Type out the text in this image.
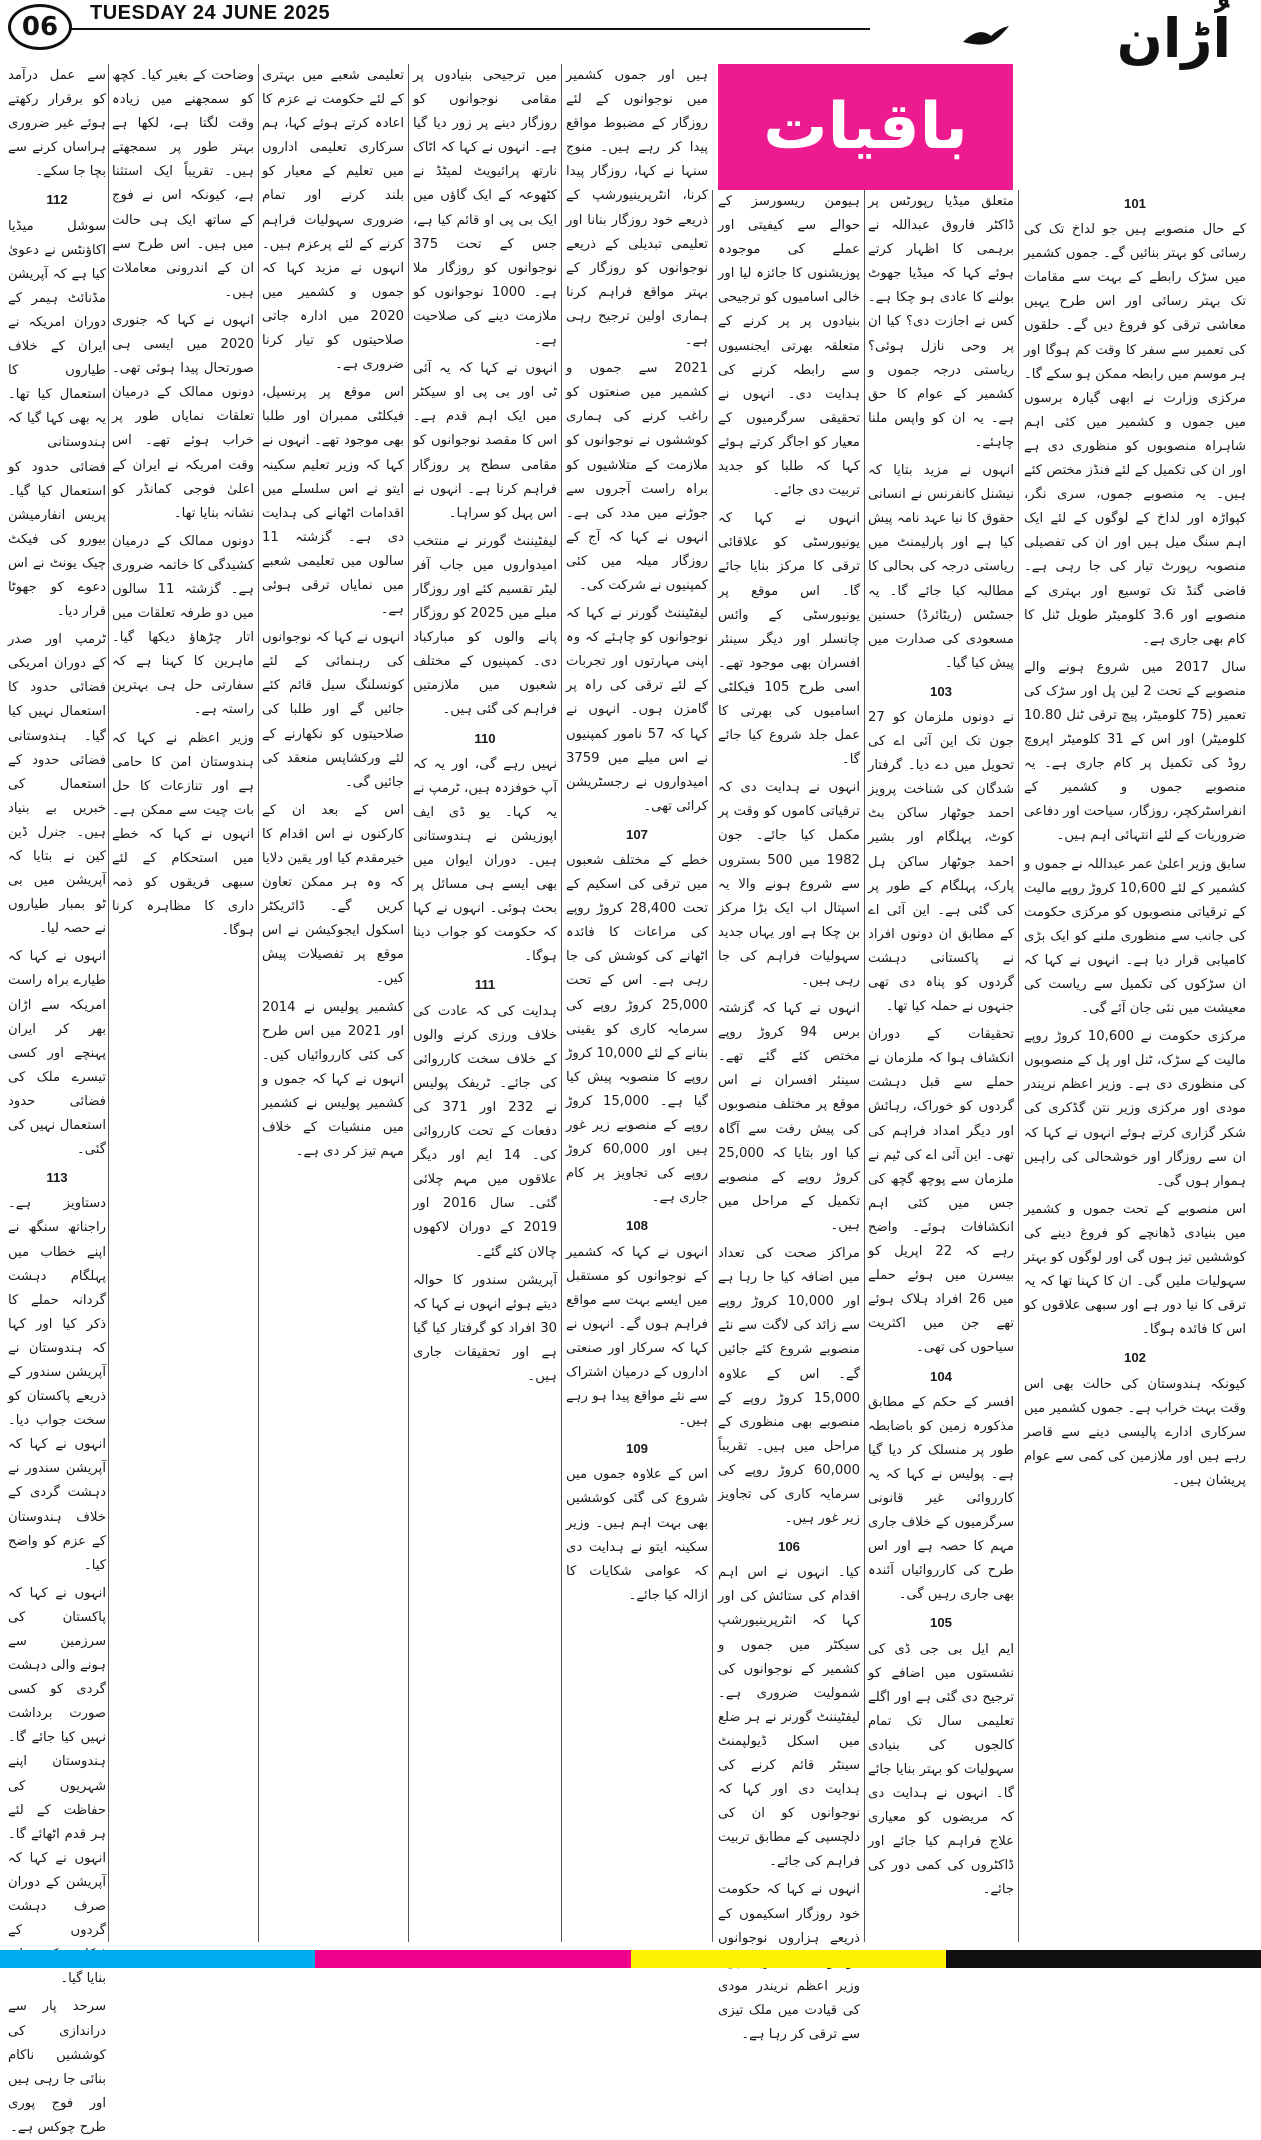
06	TUESDAY 24 JUNE 2025	اُڑان
باقیات
101

کے حال منصوبے ہیں جو لداخ تک کی رسائی کو بہتر بنائیں گے۔ جموں کشمیر میں سڑک رابطے کے بہت سے مقامات تک بہتر رسائی اور اس طرح یہیں معاشی ترقی کو فروغ دیں گے۔ حلقوں کی تعمیر سے سفر کا وقت کم ہوگا اور ہر موسم میں رابطہ ممکن ہو سکے گا۔ مرکزی وزارت نے ابھی گیارہ برسوں میں جموں و کشمیر میں کئی اہم شاہراہ منصوبوں کو منظوری دی ہے اور ان کی تکمیل کے لئے فنڈز مختص کئے ہیں۔ یہ منصوبے جموں، سری نگر، کپواڑہ اور لداخ کے لوگوں کے لئے ایک اہم سنگ میل ہیں اور ان کی تفصیلی منصوبہ رپورٹ تیار کی جا رہی ہے۔ قاضی گنڈ تک توسیع اور بہتری کے منصوبے اور 3.6 کلومیٹر طویل ٹنل کا کام بھی جاری ہے۔

سال 2017 میں شروع ہونے والے منصوبے کے تحت 2 لین پل اور سڑک کی تعمیر (75 کلومیٹر، پیچ ترقی ٹنل 10.80 کلومیٹر) اور اس کے 31 کلومیٹر اپروچ روڈ کی تکمیل پر کام جاری ہے۔ یہ منصوبے جموں و کشمیر کے انفراسٹرکچر، روزگار، سیاحت اور دفاعی ضروریات کے لئے انتہائی اہم ہیں۔

سابق وزیر اعلیٰ عمر عبداللہ نے جموں و کشمیر کے لئے 10,600 کروڑ روپے مالیت کے ترقیاتی منصوبوں کو مرکزی حکومت کی جانب سے منظوری ملنے کو ایک بڑی کامیابی قرار دیا ہے۔ انہوں نے کہا کہ ان سڑکوں کی تکمیل سے ریاست کی معیشت میں نئی جان آئے گی۔

مرکزی حکومت نے 10,600 کروڑ روپے مالیت کے سڑک، ٹنل اور پل کے منصوبوں کی منظوری دی ہے۔ وزیر اعظم نریندر مودی اور مرکزی وزیر نتن گڈکری کی شکر گزاری کرتے ہوئے انہوں نے کہا کہ ان سے روزگار اور خوشحالی کی راہیں ہموار ہوں گی۔

اس منصوبے کے تحت جموں و کشمیر میں بنیادی ڈھانچے کو فروغ دینے کی کوششیں تیز ہوں گی اور لوگوں کو بہتر سہولیات ملیں گی۔ ان کا کہنا تھا کہ یہ ترقی کا نیا دور ہے اور سبھی علاقوں کو اس کا فائدہ ہوگا۔

102

کیونکہ ہندوستان کی حالت بھی اس وقت بہت خراب ہے۔ جموں کشمیر میں سرکاری ادارے پالیسی دینے سے قاصر رہے ہیں اور ملازمین کی کمی سے عوام پریشان ہیں۔

متعلق میڈیا رپورٹس پر ڈاکٹر فاروق عبداللہ نے برہمی کا اظہار کرتے ہوئے کہا کہ میڈیا جھوٹ بولنے کا عادی ہو چکا ہے۔ کس نے اجازت دی؟ کیا ان پر وحی نازل ہوئی؟ ریاستی درجہ جموں و کشمیر کے عوام کا حق ہے۔ یہ ان کو واپس ملنا چاہئے۔

انہوں نے مزید بتایا کہ نیشنل کانفرنس نے انسانی حقوق کا نیا عہد نامہ پیش کیا ہے اور پارلیمنٹ میں ریاستی درجہ کی بحالی کا مطالبہ کیا جائے گا۔ یہ جسٹس (ریٹائرڈ) حسنین مسعودی کی صدارت میں پیش کیا گیا۔

103

نے دونوں ملزمان کو 27 جون تک این آئی اے کی تحویل میں دے دیا۔ گرفتار شدگان کی شناخت پرویز احمد جوٹھار ساکن بٹ کوٹ، پہلگام اور بشیر احمد جوٹھار ساکن ہل پارک، پہلگام کے طور پر کی گئی ہے۔ این آئی اے کے مطابق ان دونوں افراد نے پاکستانی دہشت گردوں کو پناہ دی تھی جنہوں نے حملہ کیا تھا۔

تحقیقات کے دوران انکشاف ہوا کہ ملزمان نے حملے سے قبل دہشت گردوں کو خوراک، رہائش اور دیگر امداد فراہم کی تھی۔ این آئی اے کی ٹیم نے ملزمان سے پوچھ گچھ کی جس میں کئی اہم انکشافات ہوئے۔ واضح رہے کہ 22 اپریل کو بیسرن میں ہوئے حملے میں 26 افراد ہلاک ہوئے تھے جن میں اکثریت سیاحوں کی تھی۔

104

افسر کے حکم کے مطابق مذکورہ زمین کو باضابطہ طور پر منسلک کر دیا گیا ہے۔ پولیس نے کہا کہ یہ کارروائی غیر قانونی سرگرمیوں کے خلاف جاری مہم کا حصہ ہے اور اس طرح کی کارروائیاں آئندہ بھی جاری رہیں گی۔

105

ایم ایل بی جی ڈی کی نشستوں میں اضافے کو ترجیح دی گئی ہے اور اگلے تعلیمی سال تک تمام کالجوں کی بنیادی سہولیات کو بہتر بنایا جائے گا۔ انہوں نے ہدایت دی کہ مریضوں کو معیاری علاج فراہم کیا جائے اور ڈاکٹروں کی کمی دور کی جائے۔

ہیومن ریسورسز کے حوالے سے کیفیتی اور عملے کی موجودہ پوزیشنوں کا جائزہ لیا اور خالی اسامیوں کو ترجیحی بنیادوں پر پر کرنے کے متعلقہ بھرتی ایجنسیوں سے رابطہ کرنے کی ہدایت دی۔ انہوں نے تحقیقی سرگرمیوں کے معیار کو اجاگر کرتے ہوئے کہا کہ طلبا کو جدید تربیت دی جائے۔

انہوں نے کہا کہ یونیورسٹی کو علاقائی ترقی کا مرکز بنایا جائے گا۔ اس موقع پر یونیورسٹی کے وائس چانسلر اور دیگر سینئر افسران بھی موجود تھے۔ اسی طرح 105 فیکلٹی اسامیوں کی بھرتی کا عمل جلد شروع کیا جائے گا۔

انہوں نے ہدایت دی کہ ترقیاتی کاموں کو وقت پر مکمل کیا جائے۔ جون 1982 میں 500 بستروں سے شروع ہونے والا یہ اسپتال اب ایک بڑا مرکز بن چکا ہے اور یہاں جدید سہولیات فراہم کی جا رہی ہیں۔

انہوں نے کہا کہ گزشتہ برس 94 کروڑ روپے مختص کئے گئے تھے۔ سینئر افسران نے اس موقع پر مختلف منصوبوں کی پیش رفت سے آگاہ کیا اور بتایا کہ 25,000 کروڑ روپے کے منصوبے تکمیل کے مراحل میں ہیں۔

مراکز صحت کی تعداد میں اضافہ کیا جا رہا ہے اور 10,000 کروڑ روپے سے زائد کی لاگت سے نئے منصوبے شروع کئے جائیں گے۔ اس کے علاوہ 15,000 کروڑ روپے کے منصوبے بھی منظوری کے مراحل میں ہیں۔ تقریباً 60,000 کروڑ روپے کی سرمایہ کاری کی تجاویز زیر غور ہیں۔

106

کیا۔ انہوں نے اس اہم اقدام کی ستائش کی اور کہا کہ انٹرپرینیورشپ سیکٹر میں جموں و کشمیر کے نوجوانوں کی شمولیت ضروری ہے۔ لیفٹیننٹ گورنر نے ہر ضلع میں اسکل ڈیولپمنٹ سینٹر قائم کرنے کی ہدایت دی اور کہا کہ نوجوانوں کو ان کی دلچسپی کے مطابق تربیت فراہم کی جائے۔

انہوں نے کہا کہ حکومت خود روزگار اسکیموں کے ذریعے ہزاروں نوجوانوں وزیر اعظم نریندر مودی کی قیادت میں ملک تیزی سے ترقی کر رہا ہے۔

ہیں اور جموں کشمیر میں نوجوانوں کے لئے روزگار کے مضبوط مواقع پیدا کر رہے ہیں۔ منوج سنہا نے کہا، روزگار پیدا کرنا، انٹرپرینیورشپ کے ذریعے خود روزگار بنانا اور تعلیمی تبدیلی کے ذریعے نوجوانوں کو روزگار کے بہتر مواقع فراہم کرنا ہماری اولین ترجیح رہی ہے۔

2021 سے جموں و کشمیر میں صنعتوں کو راغب کرنے کی ہماری کوششوں نے نوجوانوں کو ملازمت کے متلاشیوں کو براہ راست آجروں سے جوڑنے میں مدد کی ہے۔ انہوں نے کہا کہ آج کے روزگار میلہ میں کئی کمپنیوں نے شرکت کی۔

لیفٹیننٹ گورنر نے کہا کہ نوجوانوں کو چاہئے کہ وہ اپنی مہارتوں اور تجربات کے لئے ترقی کی راہ پر گامزن ہوں۔ انہوں نے کہا کہ 57 نامور کمپنیوں نے اس میلے میں 3759 امیدواروں نے رجسٹریشن کرائی تھی۔

107

خطے کے مختلف شعبوں میں ترقی کی اسکیم کے تحت 28,400 کروڑ روپے کی مراعات کا فائدہ اٹھانے کی کوشش کی جا رہی ہے۔ اس کے تحت 25,000 کروڑ روپے کی سرمایہ کاری کو یقینی بنانے کے لئے 10,000 کروڑ روپے کا منصوبہ پیش کیا گیا ہے۔ 15,000 کروڑ روپے کے منصوبے زیر غور ہیں اور 60,000 کروڑ روپے کی تجاویز پر کام جاری ہے۔

108

انہوں نے کہا کہ کشمیر کے نوجوانوں کو مستقبل میں ایسے بہت سے مواقع فراہم ہوں گے۔ انہوں نے کہا کہ سرکار اور صنعتی اداروں کے درمیان اشتراک سے نئے مواقع پیدا ہو رہے ہیں۔

109

اس کے علاوہ جموں میں شروع کی گئی کوششیں بھی بہت اہم ہیں۔ وزیر سکینہ ایتو نے ہدایت دی کہ عوامی شکایات کا ازالہ کیا جائے۔

میں ترجیحی بنیادوں پر مقامی نوجوانوں کو روزگار دینے پر زور دیا گیا ہے۔ انہوں نے کہا کہ اٹاک نارتھ پرائیویٹ لمیٹڈ نے کٹھوعہ کے ایک گاؤں میں ایک بی پی او قائم کیا ہے، جس کے تحت 375 نوجوانوں کو روزگار ملا ہے۔ 1000 نوجوانوں کو ملازمت دینے کی صلاحیت ہے۔

انہوں نے کہا کہ یہ آئی ٹی اور بی پی او سیکٹر میں ایک اہم قدم ہے۔ اس کا مقصد نوجوانوں کو مقامی سطح پر روزگار فراہم کرنا ہے۔ انہوں نے اس پہل کو سراہا۔

لیفٹیننٹ گورنر نے منتخب امیدواروں میں جاب آفر لیٹر تقسیم کئے اور روزگار میلے میں 2025 کو روزگار پانے والوں کو مبارکباد دی۔ کمپنیوں کے مختلف شعبوں میں ملازمتیں فراہم کی گئی ہیں۔

110

نہیں رہے گی، اور یہ کہ آپ خوفزدہ ہیں، ٹرمپ نے یہ کہا۔ یو ڈی ایف اپوزیشن نے ہندوستانی ہیں۔ دوران ایوان میں بھی ایسے ہی مسائل پر بحث ہوئی۔ انہوں نے کہا کہ حکومت کو جواب دینا ہوگا۔

111

ہدایت کی کہ عادت کی خلاف ورزی کرنے والوں کے خلاف سخت کارروائی کی جائے۔ ٹریفک پولیس نے 232 اور 371 کی دفعات کے تحت کارروائی کی۔ 14 ایم اور دیگر علاقوں میں مہم چلائی گئی۔ سال 2016 اور 2019 کے دوران لاکھوں چالان کئے گئے۔

آپریشن سندور کا حوالہ دیتے ہوئے انہوں نے کہا کہ 30 افراد کو گرفتار کیا گیا ہے اور تحقیقات جاری ہیں۔

تعلیمی شعبے میں بہتری کے لئے حکومت نے عزم کا اعادہ کرتے ہوئے کہا، ہم سرکاری تعلیمی اداروں میں تعلیم کے معیار کو بلند کرنے اور تمام ضروری سہولیات فراہم کرنے کے لئے پرعزم ہیں۔ انہوں نے مزید کہا کہ جموں و کشمیر میں 2020 میں ادارہ جاتی صلاحیتوں کو تیار کرنا ضروری ہے۔

اس موقع پر پرنسپل، فیکلٹی ممبران اور طلبا بھی موجود تھے۔ انہوں نے کہا کہ وزیر تعلیم سکینہ ایتو نے اس سلسلے میں اقدامات اٹھانے کی ہدایت دی ہے۔ گزشتہ 11 سالوں میں تعلیمی شعبے میں نمایاں ترقی ہوئی ہے۔

انہوں نے کہا کہ نوجوانوں کی رہنمائی کے لئے کونسلنگ سیل قائم کئے جائیں گے اور طلبا کی صلاحیتوں کو نکھارنے کے لئے ورکشاپس منعقد کی جائیں گی۔

اس کے بعد ان کے کارکنوں نے اس اقدام کا خیرمقدم کیا اور یقین دلایا کہ وہ ہر ممکن تعاون کریں گے۔ ڈائریکٹر اسکول ایجوکیشن نے اس موقع پر تفصیلات پیش کیں۔

کشمیر پولیس نے 2014 اور 2021 میں اس طرح کی کئی کارروائیاں کیں۔ انہوں نے کہا کہ جموں و کشمیر پولیس نے کشمیر میں منشیات کے خلاف مہم تیز کر دی ہے۔

وضاحت کے بغیر کیا۔ کچھ کو سمجھنے میں زیادہ وقت لگتا ہے، لکھا ہے بہتر طور پر سمجھتے ہیں۔ تقریباً ایک استثنا ہے، کیونکہ اس نے فوج کے ساتھ ایک ہی حالت میں ہیں۔ اس طرح سے ان کے اندرونی معاملات ہیں۔

انہوں نے کہا کہ جنوری 2020 میں ایسی ہی صورتحال پیدا ہوئی تھی۔ دونوں ممالک کے درمیان تعلقات نمایاں طور پر خراب ہوئے تھے۔ اس وقت امریکہ نے ایران کے اعلیٰ فوجی کمانڈر کو نشانہ بنایا تھا۔

دونوں ممالک کے درمیان کشیدگی کا خاتمہ ضروری ہے۔ گزشتہ 11 سالوں میں دو طرفہ تعلقات میں اتار چڑھاؤ دیکھا گیا۔ ماہرین کا کہنا ہے کہ سفارتی حل ہی بہترین راستہ ہے۔

وزیر اعظم نے کہا کہ ہندوستان امن کا حامی ہے اور تنازعات کا حل بات چیت سے ممکن ہے۔ انہوں نے کہا کہ خطے میں استحکام کے لئے سبھی فریقوں کو ذمہ داری کا مظاہرہ کرنا ہوگا۔

سے عمل درآمد کو برقرار رکھتے ہوئے غیر ضروری ہراساں کرنے سے بچا جا سکے۔

112

سوشل میڈیا اکاؤنٹس نے دعویٰ کیا ہے کہ آپریشن مڈنائٹ ہیمر کے دوران امریکہ نے ایران کے خلاف طیاروں کا استعمال کیا تھا۔ یہ بھی کہا گیا کہ ہندوستانی فضائی حدود کو استعمال کیا گیا۔ پریس انفارمیشن بیورو کی فیکٹ چیک یونٹ نے اس دعوے کو جھوٹا قرار دیا۔

ٹرمپ اور صدر کے دوران امریکی فضائی حدود کا استعمال نہیں کیا گیا۔ ہندوستانی فضائی حدود کے استعمال کی خبریں بے بنیاد ہیں۔ جنرل ڈین کین نے بتایا کہ آپریشن میں بی ٹو بمبار طیاروں نے حصہ لیا۔

انہوں نے کہا کہ طیارے براہ راست امریکہ سے اڑان بھر کر ایران پہنچے اور کسی تیسرے ملک کی فضائی حدود استعمال نہیں کی گئی۔

113

دستاویز ہے۔ راجناتھ سنگھ نے اپنے خطاب میں پہلگام دہشت گردانہ حملے کا ذکر کیا اور کہا کہ ہندوستان نے آپریشن سندور کے ذریعے پاکستان کو سخت جواب دیا۔ انہوں نے کہا کہ آپریشن سندور نے دہشت گردی کے خلاف ہندوستان کے عزم کو واضح کیا۔

انہوں نے کہا کہ پاکستان کی سرزمین سے ہونے والی دہشت گردی کو کسی صورت برداشت نہیں کیا جائے گا۔ ہندوستان اپنے شہریوں کی حفاظت کے لئے ہر قدم اٹھائے گا۔ انہوں نے کہا کہ آپریشن کے دوران صرف دہشت گردوں کے بنایا گیا۔

سرحد پار سے دراندازی کی کوششیں ناکام بنائی جا رہی ہیں اور فوج پوری طرح چوکس ہے۔
